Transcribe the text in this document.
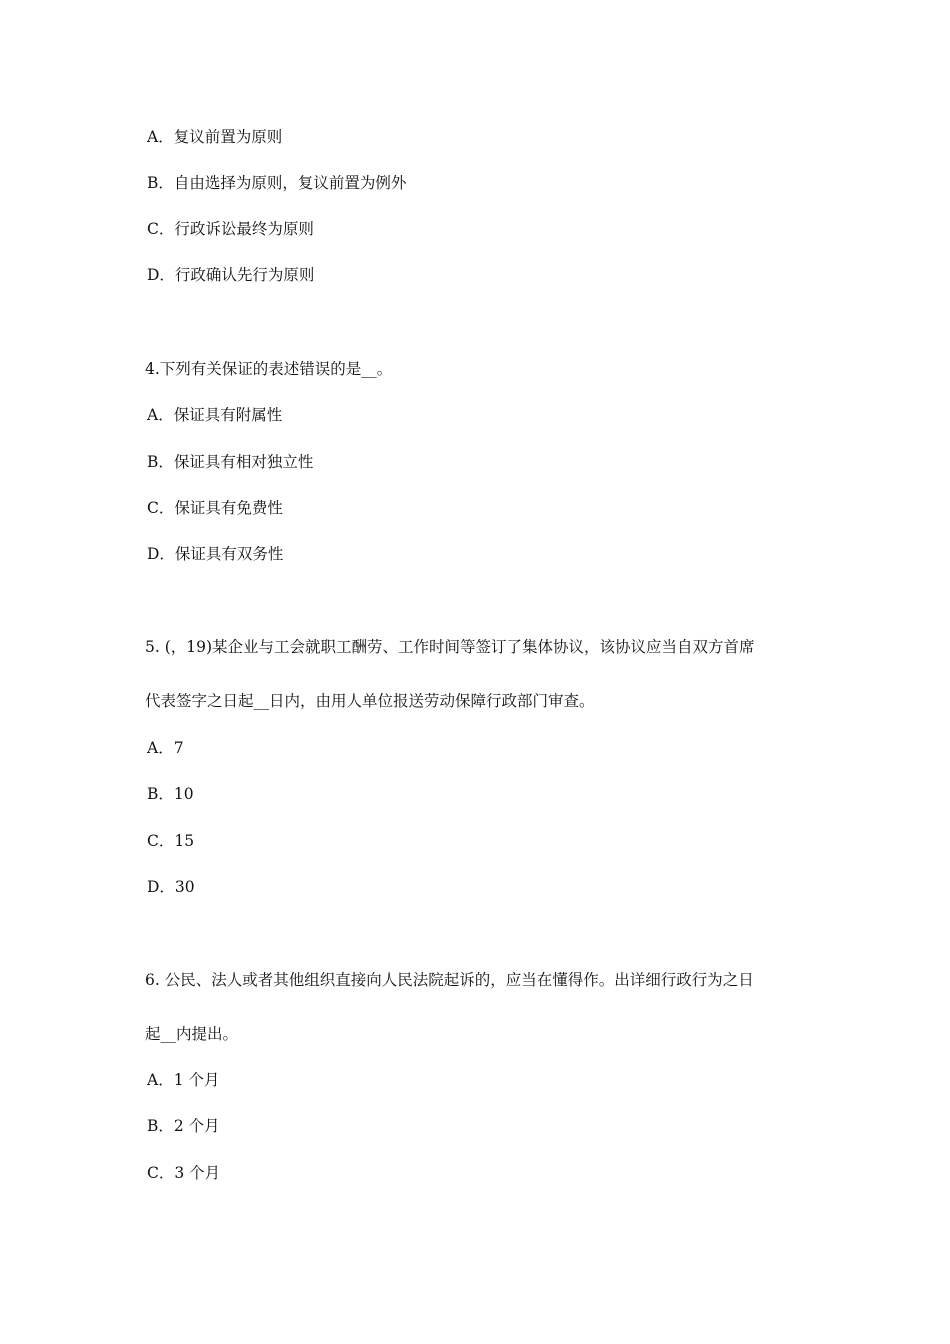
A．复议前置为原则
B．自由选择为原则，复议前置为例外
C．行政诉讼最终为原则
D．行政确认先行为原则
4.下列有关保证的表述错误的是__。
A．保证具有附属性
B．保证具有相对独立性
C．保证具有免费性
D．保证具有双务性
5. (，19)某企业与工会就职工酬劳、工作时间等签订了集体协议，该协议应当自双方首席
代表签字之日起__日内，由用人单位报送劳动保障行政部门审查。
A．7
B．10
C．15
D．30
6. 公民、法人或者其他组织直接向人民法院起诉的，应当在懂得作。出详细行政行为之日
起__内提出。
A．1 个月
B．2 个月
C．3 个月
